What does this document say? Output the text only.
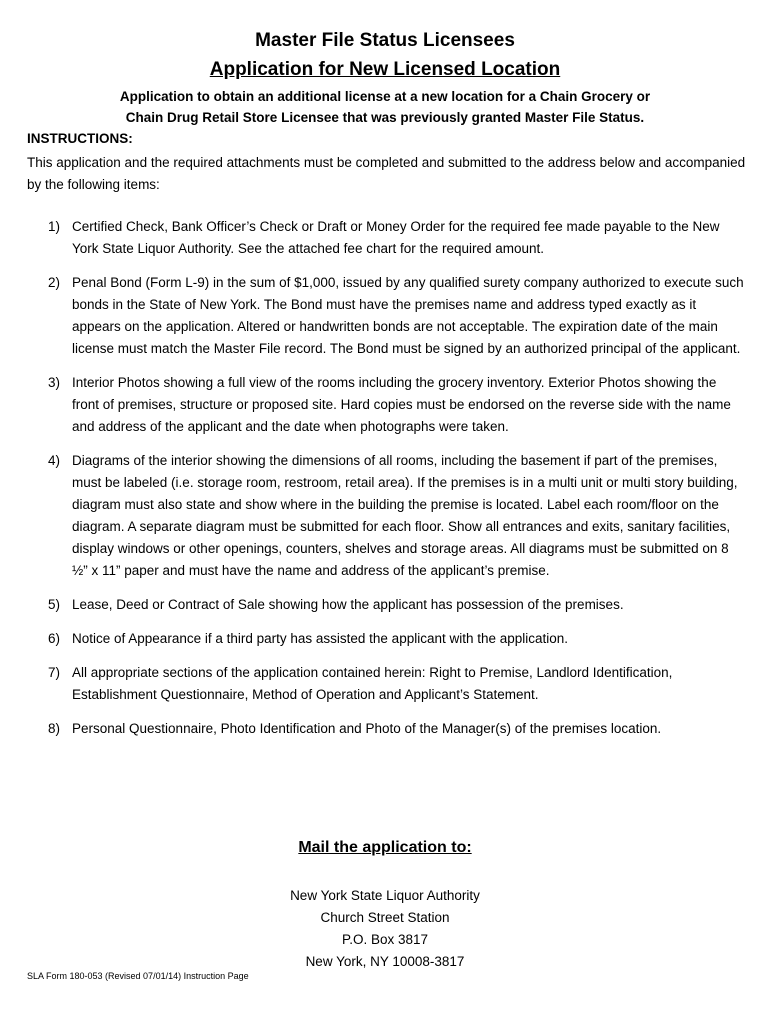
Master File Status Licensees
Application for New Licensed Location
Application to obtain an additional license at a new location for a Chain Grocery or
Chain Drug Retail Store Licensee that was previously granted Master File Status.
INSTRUCTIONS:
This application and the required attachments must be completed and submitted to the address below and accompanied by the following items:
1) Certified Check, Bank Officer’s Check or Draft or Money Order for the required fee made payable to the New York State Liquor Authority. See the attached fee chart for the required amount.
2) Penal Bond (Form L-9) in the sum of $1,000, issued by any qualified surety company authorized to execute such bonds in the State of New York. The Bond must have the premises name and address typed exactly as it appears on the application. Altered or handwritten bonds are not acceptable. The expiration date of the main license must match the Master File record. The Bond must be signed by an authorized principal of the applicant.
3) Interior Photos showing a full view of the rooms including the grocery inventory. Exterior Photos showing the front of premises, structure or proposed site. Hard copies must be endorsed on the reverse side with the name and address of the applicant and the date when photographs were taken.
4) Diagrams of the interior showing the dimensions of all rooms, including the basement if part of the premises, must be labeled (i.e. storage room, restroom, retail area). If the premises is in a multi unit or multi story building, diagram must also state and show where in the building the premise is located. Label each room/floor on the diagram. A separate diagram must be submitted for each floor. Show all entrances and exits, sanitary facilities, display windows or other openings, counters, shelves and storage areas. All diagrams must be submitted on 8 ½” x 11” paper and must have the name and address of the applicant’s premise.
5) Lease, Deed or Contract of Sale showing how the applicant has possession of the premises.
6) Notice of Appearance if a third party has assisted the applicant with the application.
7) All appropriate sections of the application contained herein: Right to Premise, Landlord Identification, Establishment Questionnaire, Method of Operation and Applicant’s Statement.
8) Personal Questionnaire, Photo Identification and Photo of the Manager(s) of the premises location.
Mail the application to:
New York State Liquor Authority
Church Street Station
P.O. Box 3817
New York, NY 10008-3817
SLA Form 180-053 (Revised 07/01/14) Instruction Page
